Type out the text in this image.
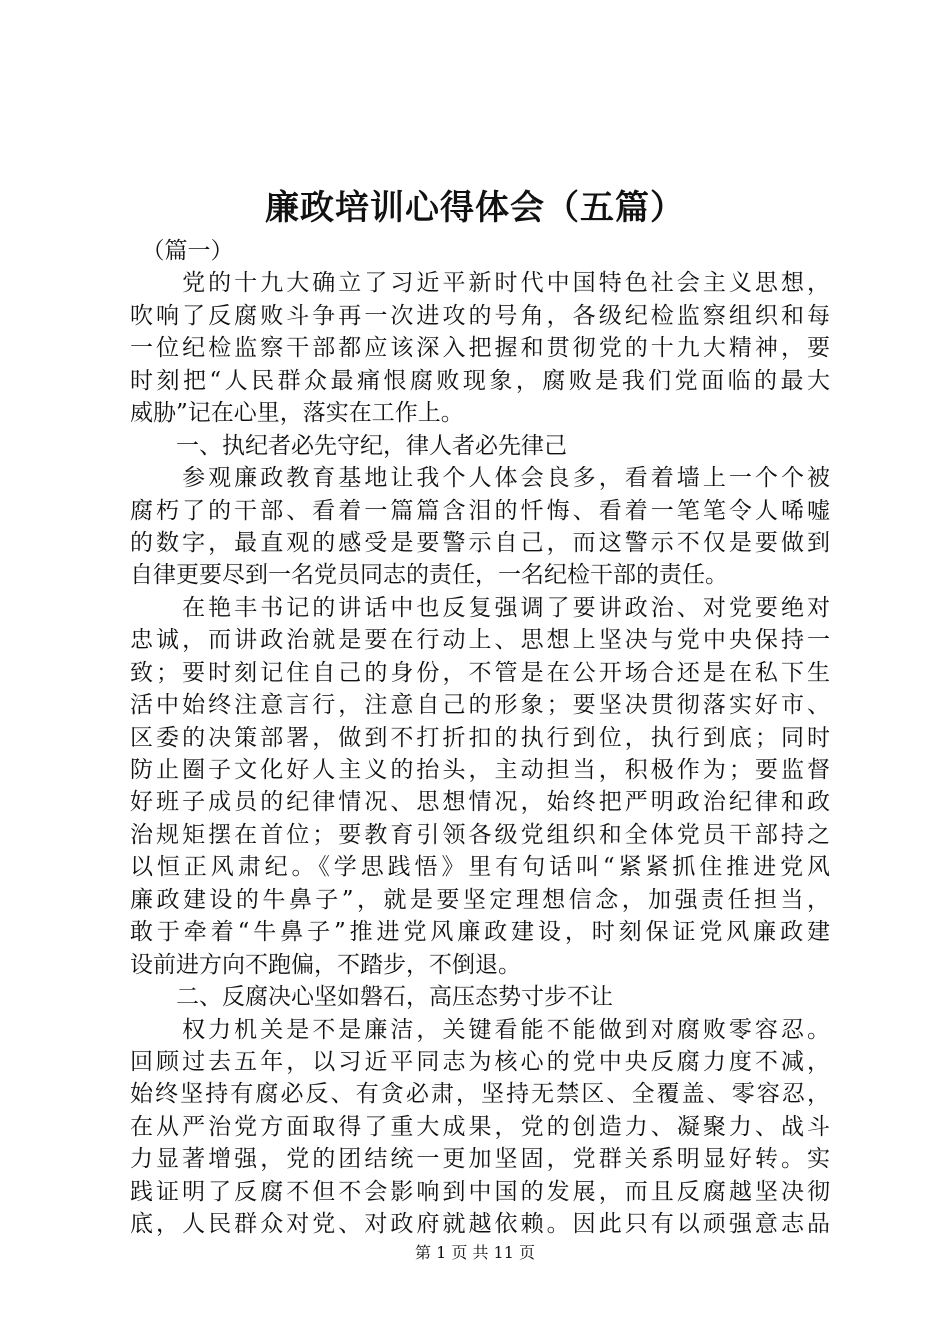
廉政培训心得体会（五篇）
　（篇一）
　　党的十九大确立了习近平新时代中国特色社会主义思想，
吹响了反腐败斗争再一次进攻的号角，各级纪检监察组织和每
一位纪检监察干部都应该深入把握和贯彻党的十九大精神，要
时刻把“人民群众最痛恨腐败现象，腐败是我们党面临的最大
威胁”记在心里，落实在工作上。
　　一、执纪者必先守纪，律人者必先律己
　　参观廉政教育基地让我个人体会良多，看着墙上一个个被
腐朽了的干部、看着一篇篇含泪的忏悔、看着一笔笔令人唏嘘
的数字，最直观的感受是要警示自己，而这警示不仅是要做到
自律更要尽到一名党员同志的责任，一名纪检干部的责任。
　　在艳丰书记的讲话中也反复强调了要讲政治、对党要绝对
忠诚，而讲政治就是要在行动上、思想上坚决与党中央保持一
致；要时刻记住自己的身份，不管是在公开场合还是在私下生
活中始终注意言行，注意自己的形象；要坚决贯彻落实好市、
区委的决策部署，做到不打折扣的执行到位，执行到底；同时
防止圈子文化好人主义的抬头，主动担当，积极作为；要监督
好班子成员的纪律情况、思想情况，始终把严明政治纪律和政
治规矩摆在首位；要教育引领各级党组织和全体党员干部持之
以恒正风肃纪。《学思践悟》里有句话叫“紧紧抓住推进党风
廉政建设的牛鼻子”，就是要坚定理想信念，加强责任担当，
敢于牵着“牛鼻子”推进党风廉政建设，时刻保证党风廉政建
设前进方向不跑偏，不踏步，不倒退。
　　二、反腐决心坚如磐石，高压态势寸步不让
　　权力机关是不是廉洁，关键看能不能做到对腐败零容忍。
回顾过去五年，以习近平同志为核心的党中央反腐力度不减，
始终坚持有腐必反、有贪必肃，坚持无禁区、全覆盖、零容忍，
在从严治党方面取得了重大成果，党的创造力、凝聚力、战斗
力显著增强，党的团结统一更加坚固，党群关系明显好转。实
践证明了反腐不但不会影响到中国的发展，而且反腐越坚决彻
底，人民群众对党、对政府就越依赖。因此只有以顽强意志品
第 1 页 共 11 页
